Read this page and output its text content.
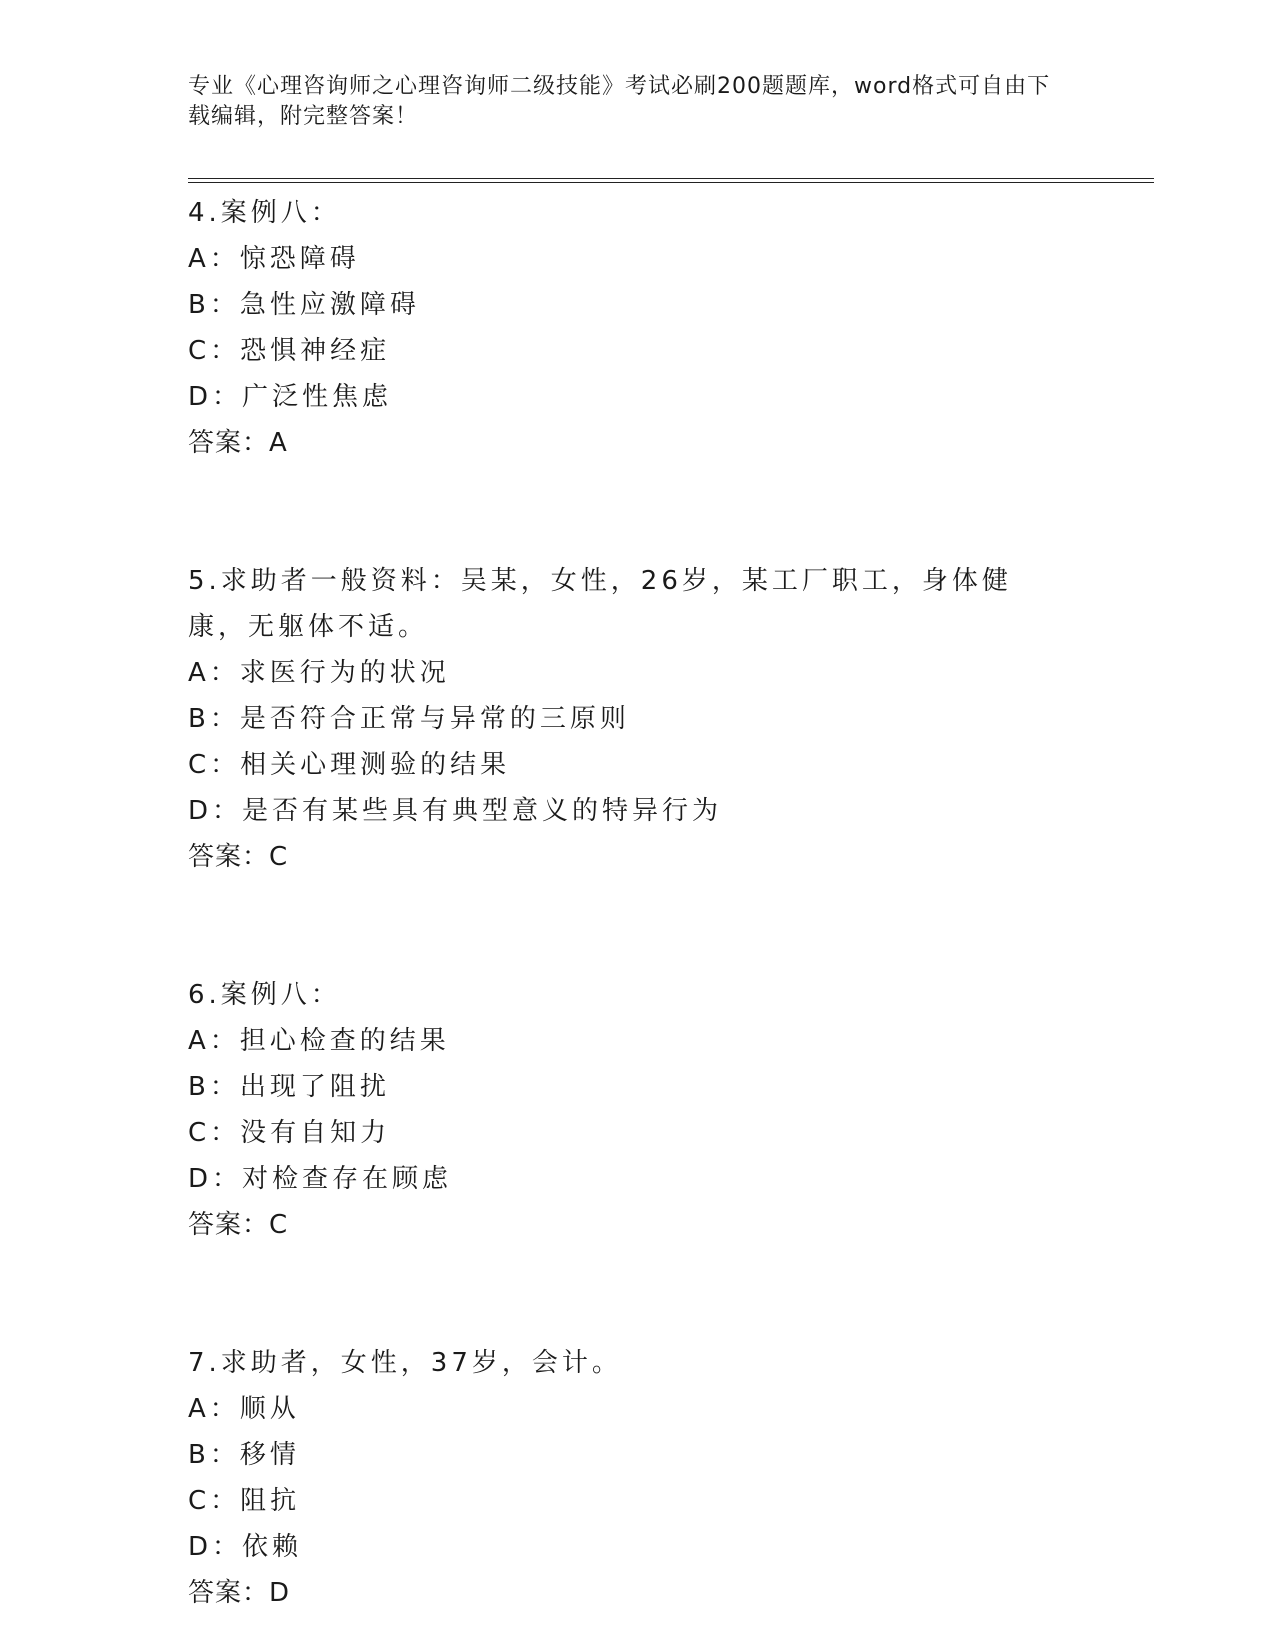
专业《心理咨询师之心理咨询师二级技能》考试必刷200题题库，word格式可自由下载编辑，附完整答案！
4.案例八：
A：惊恐障碍
B：急性应激障碍
C：恐惧神经症
D：广泛性焦虑
答案：A
5.求助者一般资料：吴某，女性，26岁，某工厂职工，身体健康，无躯体不适。
A：求医行为的状况
B：是否符合正常与异常的三原则
C：相关心理测验的结果
D：是否有某些具有典型意义的特异行为
答案：C
6.案例八：
A：担心检查的结果
B：出现了阻扰
C：没有自知力
D：对检查存在顾虑
答案：C
7.求助者，女性，37岁，会计。
A：顺从
B：移情
C：阻抗
D：依赖
答案：D
